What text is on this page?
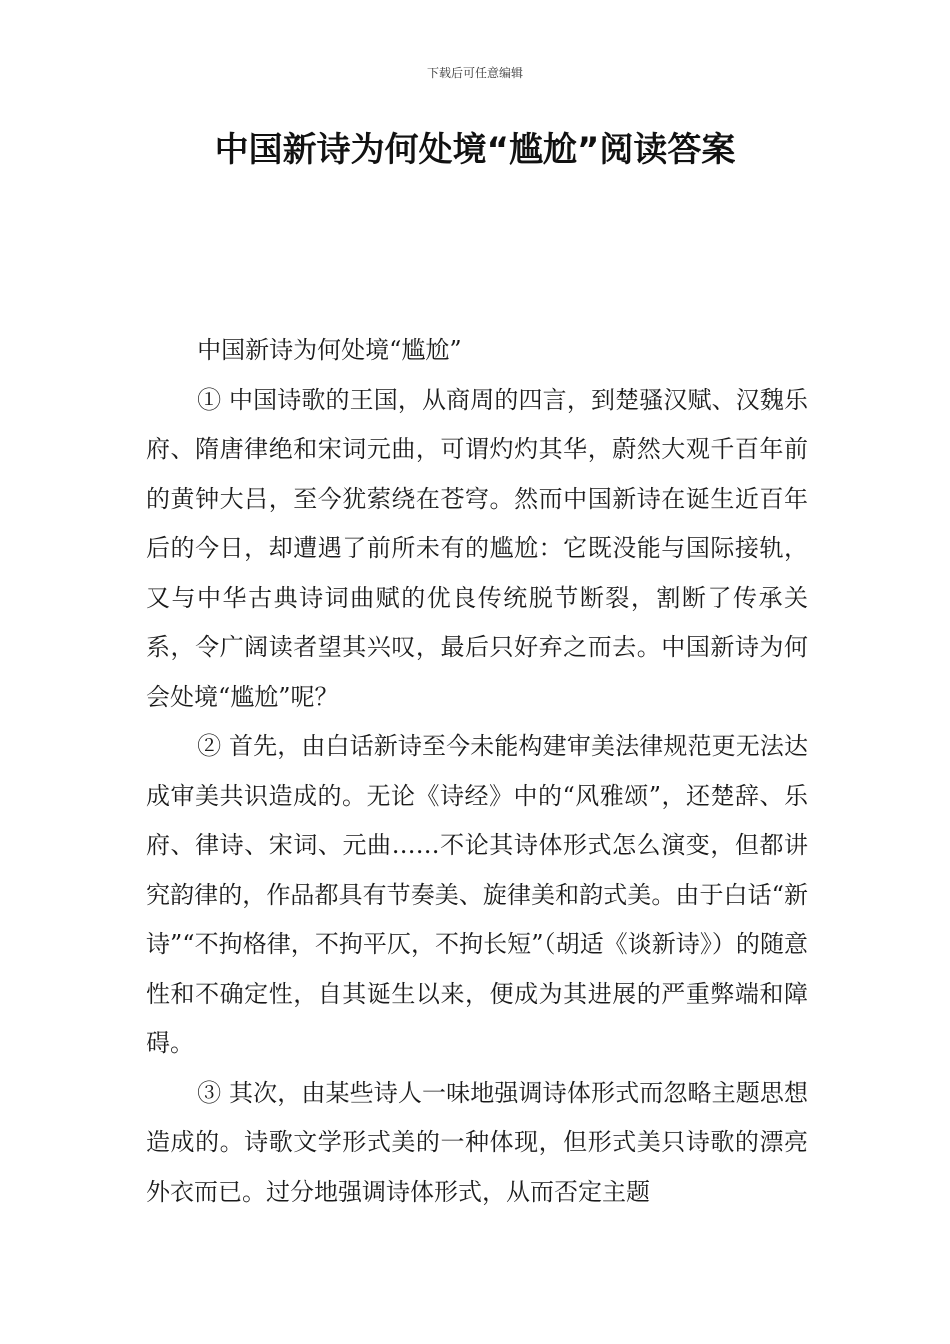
下载后可任意编辑
中国新诗为何处境“尴尬”阅读答案

中国新诗为何处境“尴尬”

① 中国诗歌的王国，从商周的四言，到楚骚汉赋、汉魏乐府、隋唐律绝和宋词元曲，可谓灼灼其华，蔚然大观千百年前的黄钟大吕，至今犹萦绕在苍穹。然而中国新诗在诞生近百年后的今日，却遭遇了前所未有的尴尬：它既没能与国际接轨，又与中华古典诗词曲赋的优良传统脱节断裂，割断了传承关系，令广阔读者望其兴叹，最后只好弃之而去。中国新诗为何会处境“尴尬”呢？

② 首先，由白话新诗至今未能构建审美法律规范更无法达成审美共识造成的。无论《诗经》中的“风雅颂”，还楚辞、乐府、律诗、宋词、元曲……不论其诗体形式怎么演变，但都讲究韵律的，作品都具有节奏美、旋律美和韵式美。由于白话“新诗”“不拘格律，不拘平仄，不拘长短”（胡适《谈新诗》）的随意性和不确定性，自其诞生以来，便成为其进展的严重弊端和障碍。

③ 其次，由某些诗人一味地强调诗体形式而忽略主题思想造成的。诗歌文学形式美的一种体现，但形式美只诗歌的漂亮外衣而已。过分地强调诗体形式，从而否定主题
